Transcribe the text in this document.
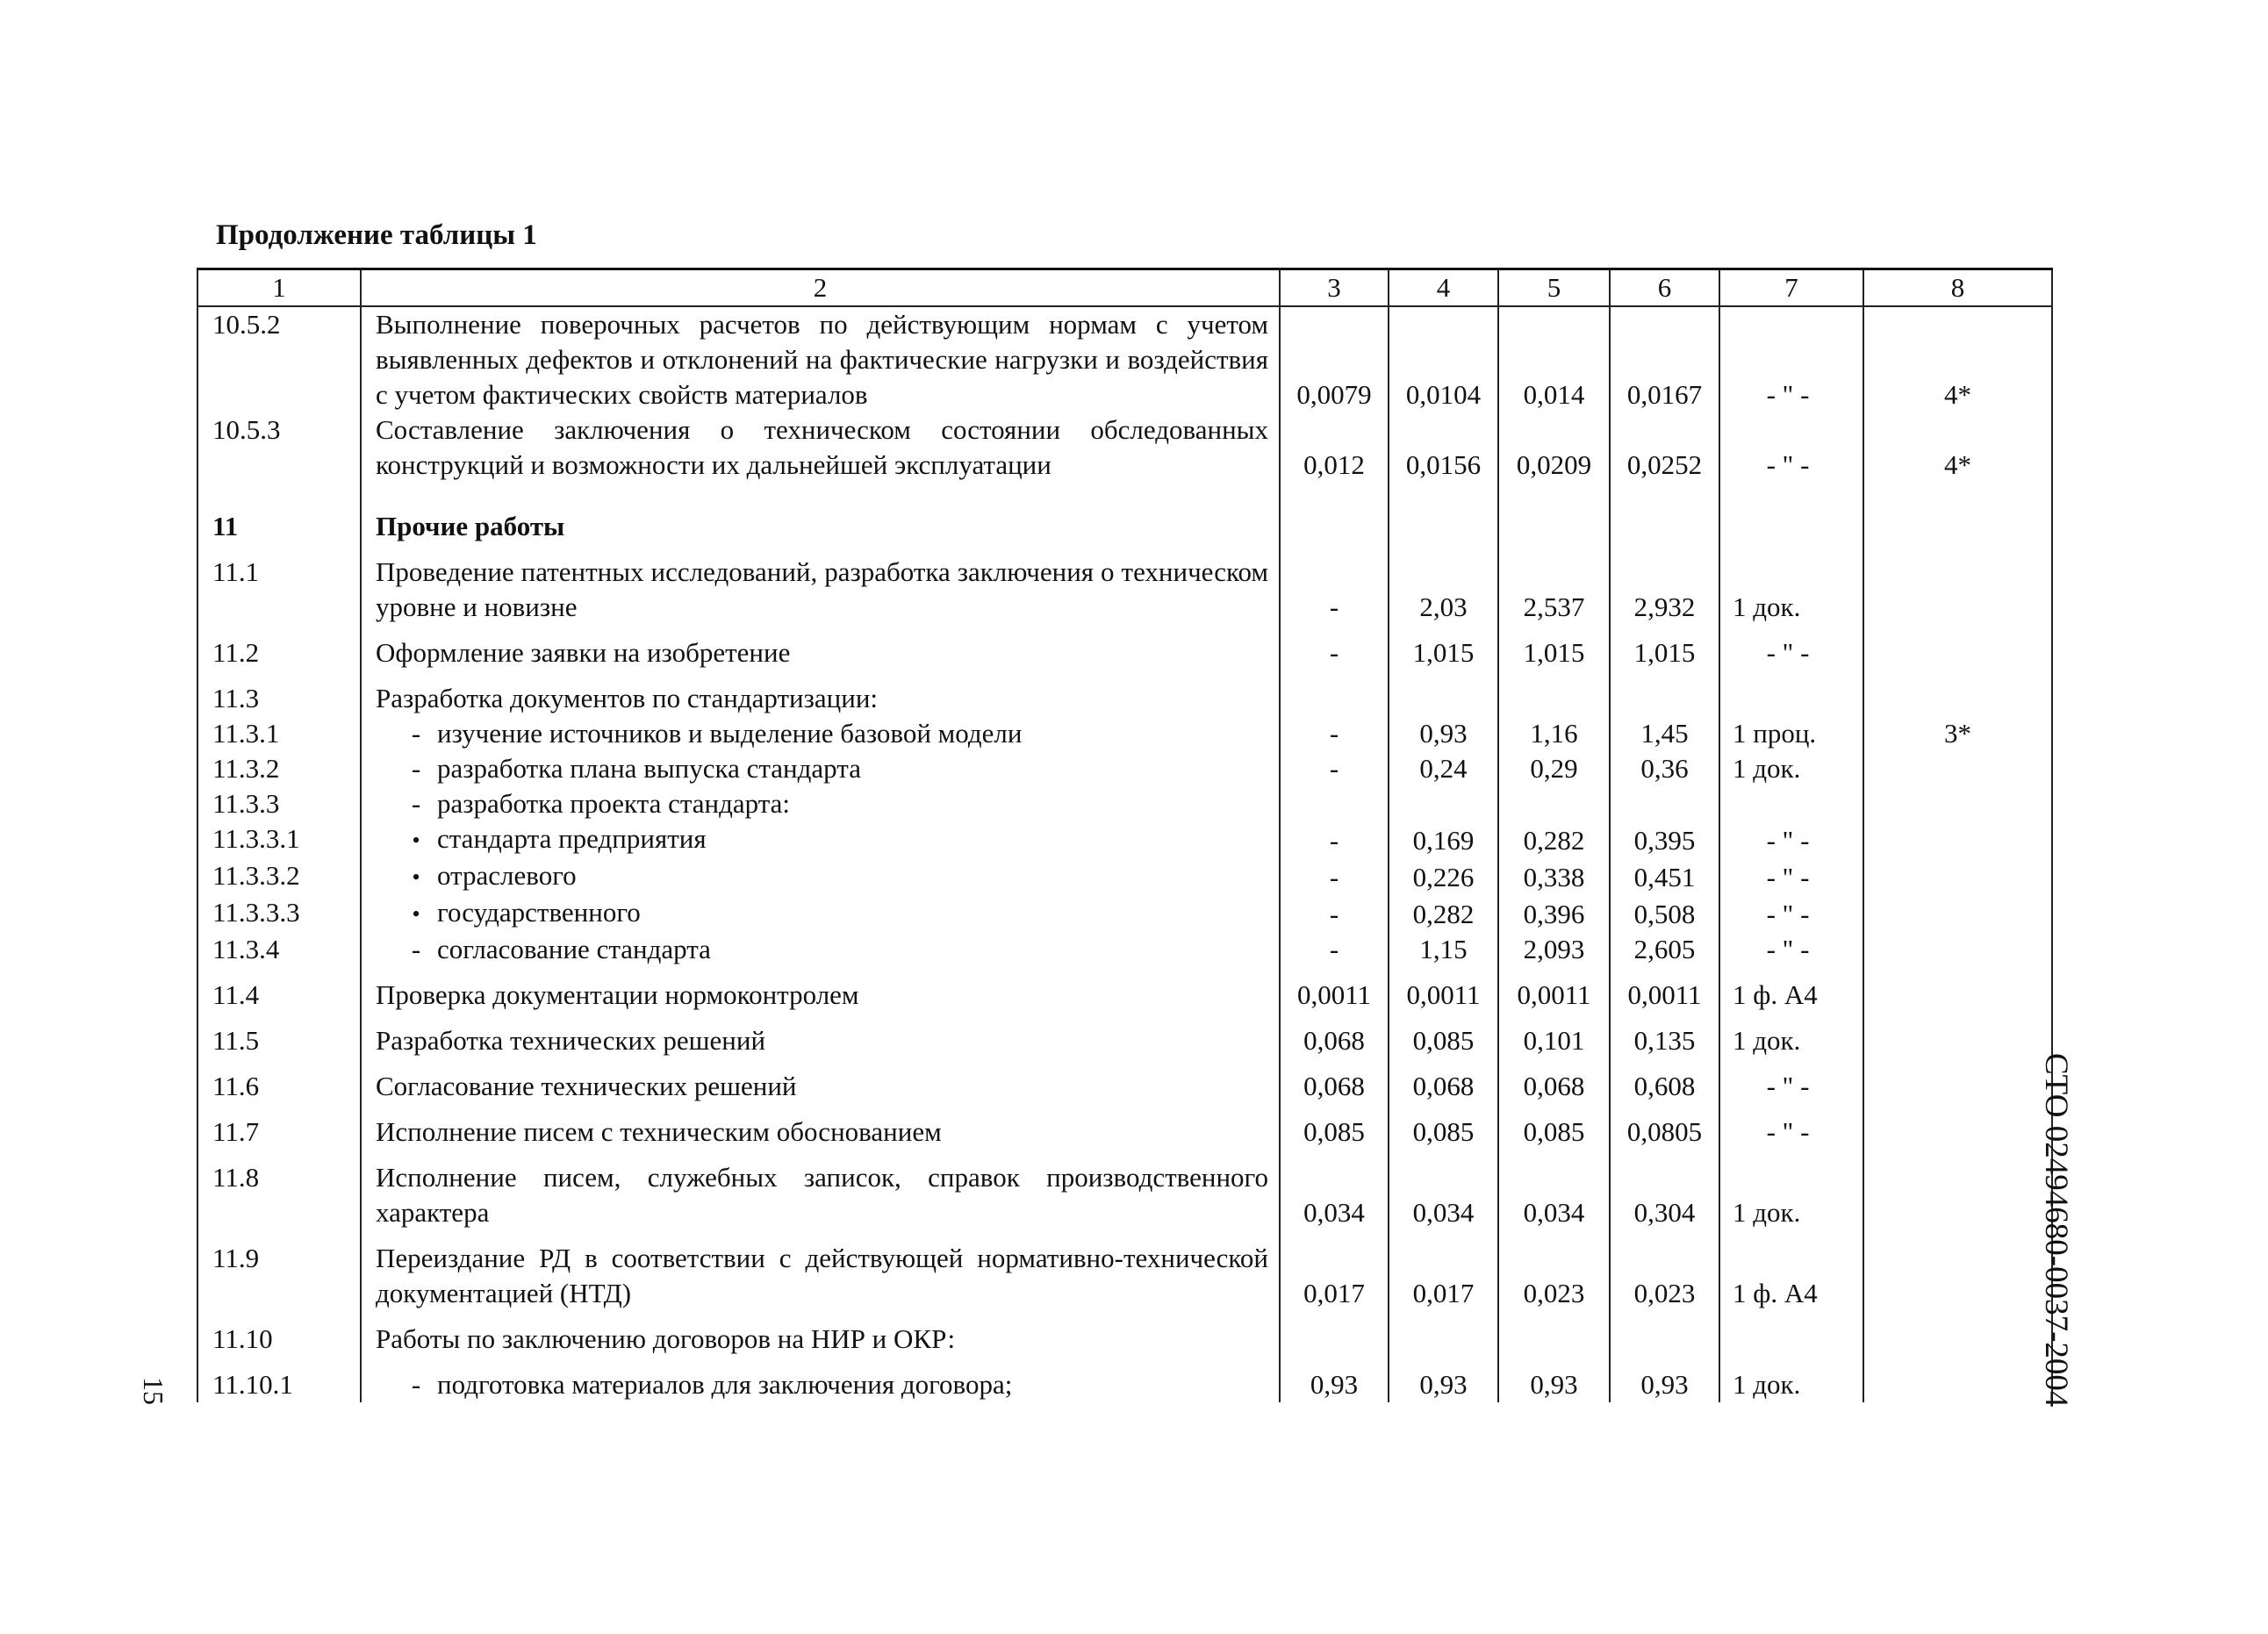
Продолжение таблицы 1
1	2	3	4	5	6	7	8
10.5.2	Выполнение поверочных расчетов по действующим нормам с учетом выявленных дефектов и отклонений на фактические нагрузки и воздействия с учетом фактических свойств материалов	0,0079	0,0104	0,014	0,0167	- " -	4*
10.5.3	Составление заключения о техническом состоянии обследованных конструкций и возможности их дальнейшей эксплуатации	0,012	0,0156	0,0209	0,0252	- " -	4*
11	Прочие работы						
11.1	Проведение патентных исследований, разработка заключения о техническом уровне и новизне	-	2,03	2,537	2,932	1 док.	
11.2	Оформление заявки на изобретение	-	1,015	1,015	1,015	- " -	
11.3	Разработка документов по стандартизации:						
11.3.1	- изучение источников и выделение базовой модели	-	0,93	1,16	1,45	1 проц.	3*
11.3.2	- разработка плана выпуска стандарта	-	0,24	0,29	0,36	1 док.	
11.3.3	- разработка проекта стандарта:						
11.3.3.1	• стандарта предприятия	-	0,169	0,282	0,395	- " -	
11.3.3.2	• отраслевого	-	0,226	0,338	0,451	- " -	
11.3.3.3	• государственного	-	0,282	0,396	0,508	- " -	
11.3.4	- согласование стандарта	-	1,15	2,093	2,605	- " -	
11.4	Проверка документации нормоконтролем	0,0011	0,0011	0,0011	0,0011	1 ф. А4	
11.5	Разработка технических решений	0,068	0,085	0,101	0,135	1 док.	
11.6	Согласование технических решений	0,068	0,068	0,068	0,608	- " -	
11.7	Исполнение писем с техническим обоснованием	0,085	0,085	0,085	0,0805	- " -	
11.8	Исполнение писем, служебных записок, справок производственного характера	0,034	0,034	0,034	0,304	1 док.	
11.9	Переиздание РД в соответствии с действующей нормативно-технической документацией (НТД)	0,017	0,017	0,023	0,023	1 ф. А4	
11.10	Работы по заключению договоров на НИР и ОКР:						
11.10.1	- подготовка материалов для заключения договора;	0,93	0,93	0,93	0,93	1 док.		СТО 02494680-0037-2004
15
